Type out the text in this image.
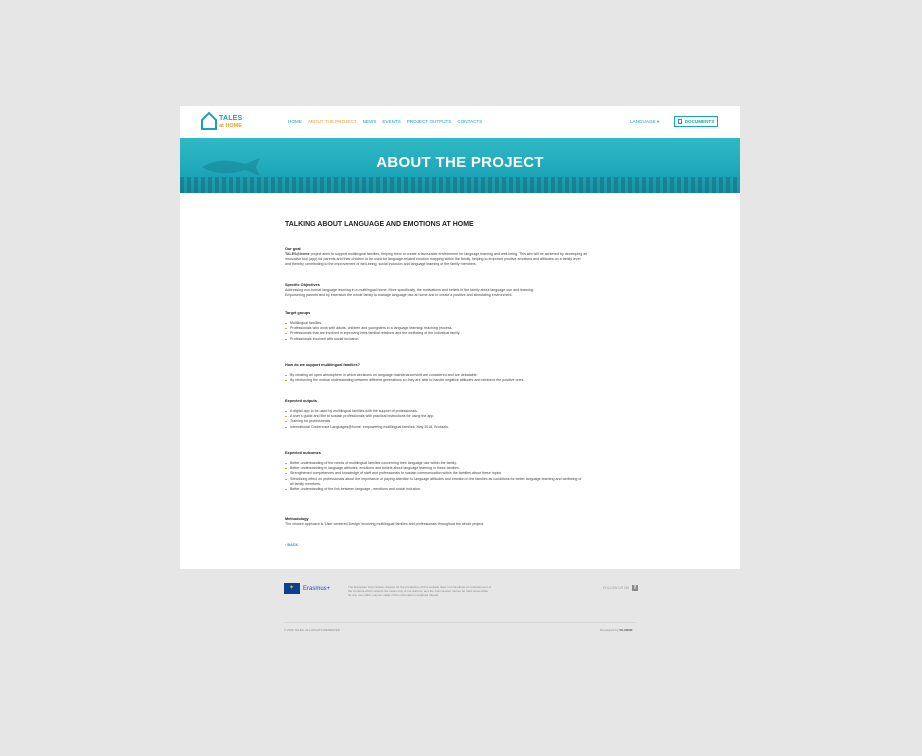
TALES
at HOME
HOME ABOUT THE PROJECT NEWS EVENTS PROJECT OUTPUTS CONTACTS	LANGUAGE ▾	DOCUMENTS
ABOUT THE PROJECT
TALKING ABOUT LANGUAGE AND EMOTIONS AT HOME
Our goal
TALES@home project aims to support multilingual families, helping them to create a favourable environment for language learning and well-being. This aim will be achieved by developing an
innovative tool (app) for parents and their children to be used for language-related emotion mapping within the family, helping to empower positive emotions and attitudes on a family level
and thereby contributing to the improvement of well-being, social inclusion and language learning of the family members.
Specific Objectives
Addressing non-formal language learning in a multilingual home. More specifically, the motivations and beliefs in the family about language use and learning.
Empowering parents and by extension the whole family to manage language use at home and to create a positive and stimulating environment.
Target groups
Multilingual families.
Professionals who work with adults, children and youngsters in a language learning/ teaching process.
Professionals that are involved in improving intra-familial relations and the wellbeing of the individual family.
Professionals involved with social inclusion.
How do we support multilingual families?
By creating an open atmosphere in which decisions on language maintenance/shift are considered and are debatable.
By reinforcing the mutual understanding between different generations so they are able to handle negative attitudes and reinforce the positive ones.
Expected outputs
A digital app to be used by multilingual families with the support of professionals.
A user's guide and film to sustain professionals with practical instructions for using the app.
Training for professionals.
International Conference Languages@home: empowering multilingual families, May 2018, Brussels.
Expected outcomes
Better understanding of the needs of multilingual families concerning their language use within the family.
Better understanding in language attitudes, emotions and beliefs about language learning in these families.
Strengthened competences and knowledge of staff and professionals to sustain communication within the families about these topics.
Sensitizing effect on professionals about the importance of paying attention to language attitudes and emotion in the families as conditions for better language learning and wellbeing of
all family members.
Better understanding of the link between language - emotions and social inclusion.
Methodology
The chosen approach is 'User centered Design' involving multilingual families and professionals throughout the whole project.
‹ BACK
✶ Erasmus+	The European Commission support for the production of this website does not constitute an endorsement of the contents which reflects the views only of the authors, and the Commission cannot be held responsible for any use which may be made of the information contained therein.
FOLLOW US ON	f
© 2016 TALES. ALL RIGHTS RESERVED	Developed by VILANOE
